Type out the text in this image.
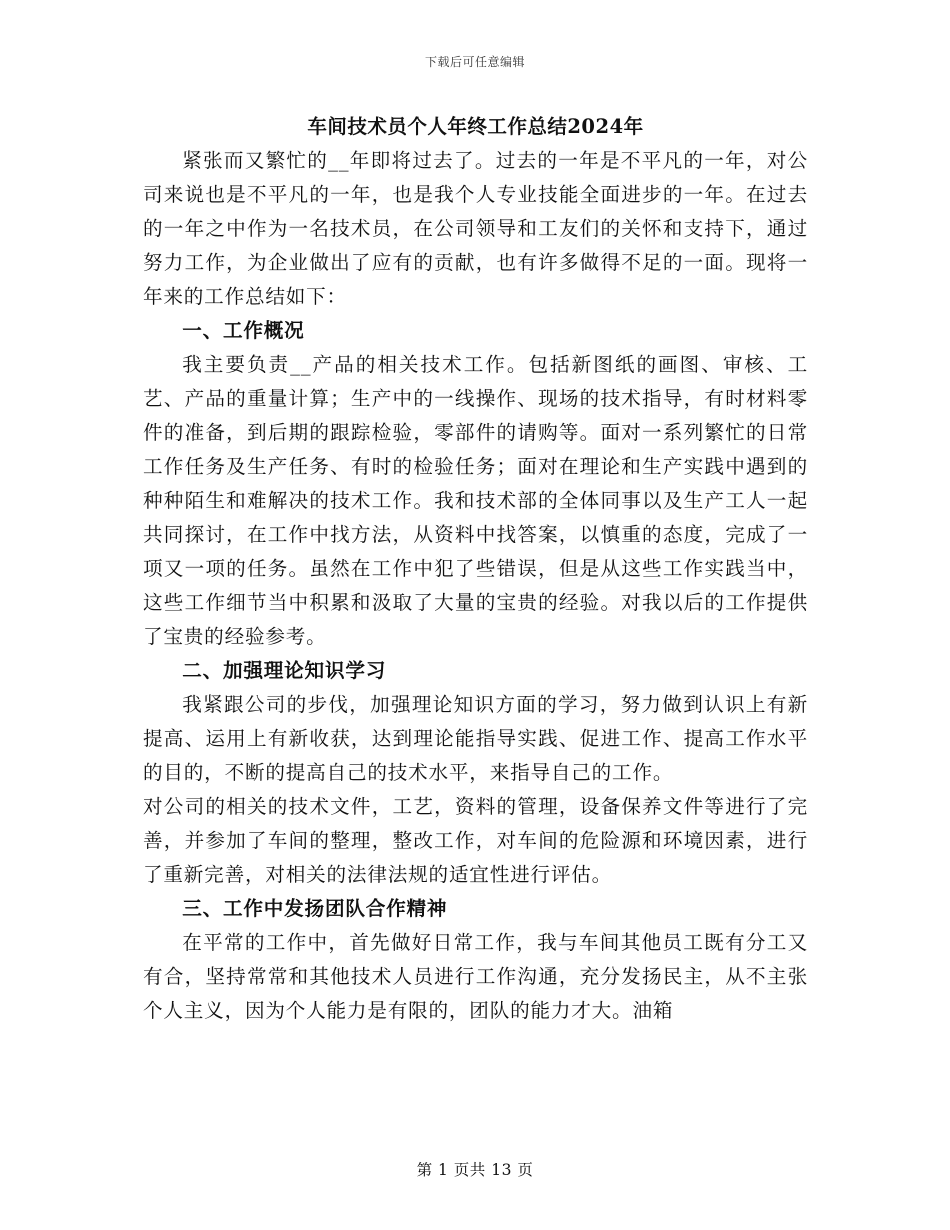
下载后可任意编辑
车间技术员个人年终工作总结2024年

紧张而又繁忙的__年即将过去了。过去的一年是不平凡的一年，对公司来说也是不平凡的一年，也是我个人专业技能全面进步的一年。在过去的一年之中作为一名技术员，在公司领导和工友们的关怀和支持下，通过努力工作，为企业做出了应有的贡献，也有许多做得不足的一面。现将一年来的工作总结如下：

一、工作概况

我主要负责__产品的相关技术工作。包括新图纸的画图、审核、工艺、产品的重量计算；生产中的一线操作、现场的技术指导，有时材料零件的准备，到后期的跟踪检验，零部件的请购等。面对一系列繁忙的日常工作任务及生产任务、有时的检验任务；面对在理论和生产实践中遇到的种种陌生和难解决的技术工作。我和技术部的全体同事以及生产工人一起共同探讨，在工作中找方法，从资料中找答案，以慎重的态度，完成了一项又一项的任务。虽然在工作中犯了些错误，但是从这些工作实践当中，这些工作细节当中积累和汲取了大量的宝贵的经验。对我以后的工作提供了宝贵的经验参考。

二、加强理论知识学习

我紧跟公司的步伐，加强理论知识方面的学习，努力做到认识上有新提高、运用上有新收获，达到理论能指导实践、促进工作、提高工作水平的目的，不断的提高自己的技术水平，来指导自己的工作。

对公司的相关的技术文件，工艺，资料的管理，设备保养文件等进行了完善，并参加了车间的整理，整改工作，对车间的危险源和环境因素，进行了重新完善，对相关的法律法规的适宜性进行评估。

三、工作中发扬团队合作精神

在平常的工作中，首先做好日常工作，我与车间其他员工既有分工又有合，坚持常常和其他技术人员进行工作沟通，充分发扬民主，从不主张个人主义，因为个人能力是有限的，团队的能力才大。油箱

第 1 页共 13 页
